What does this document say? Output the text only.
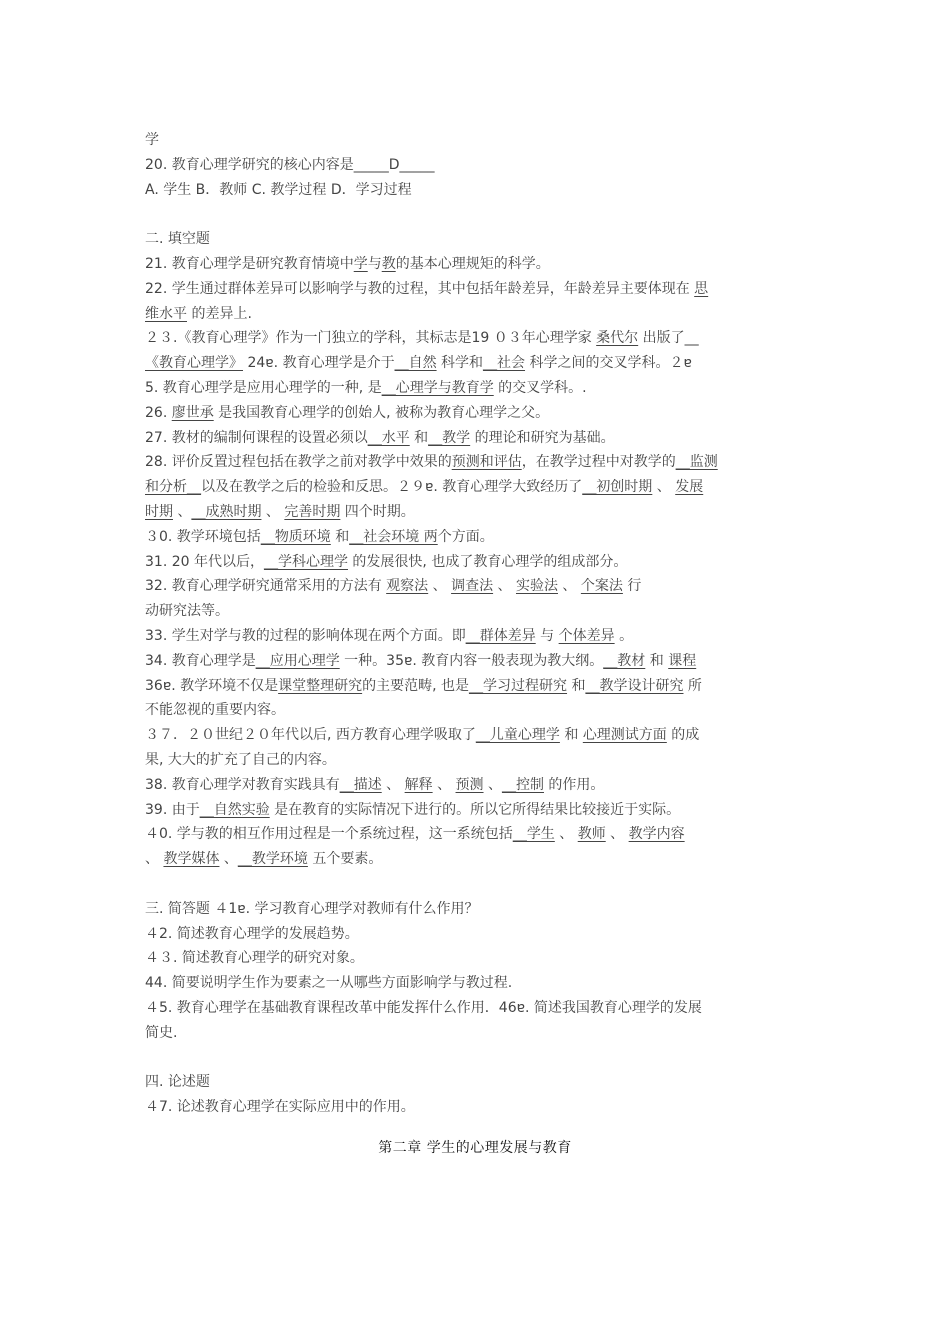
学
20. 教育心理学研究的核心内容是_____D_____
A. 学生 B．教师 C. 教学过程 D．学习过程
二. 填空题
21. 教育心理学是研究教育情境中学与教的基本心理规矩的科学。
22. 学生通过群体差异可以影响学与教的过程，其中包括年龄差异，年龄差异主要体现在 思
维水平 的差异上.
２３.《教育心理学》作为一门独立的学科，其标志是19 ０３年心理学家 桑代尔 出版了__
《教育心理学》 24ɐ. 教育心理学是介于__自然 科学和__社会 科学之间的交叉学科。２ɐ
5. 教育心理学是应用心理学的一种, 是__心理学与教育学 的交叉学科。.
26. 廖世承 是我国教育心理学的创始人, 被称为教育心理学之父。
27. 教材的编制何课程的设置必须以__水平 和__教学 的理论和研究为基础。
28. 评价反置过程包括在教学之前对教学中效果的预测和评估，在教学过程中对教学的__监测
和分析__以及在教学之后的检验和反思。２９ɐ. 教育心理学大致经历了__初创时期 、 发展
时期 、__成熟时期 、 完善时期 四个时期。
３0. 教学环境包括__物质环境 和__社会环境 两个方面。
31. 20 年代以后，__学科心理学 的发展很快, 也成了教育心理学的组成部分。
32. 教育心理学研究通常采用的方法有 观察法 、 调查法 、 实验法 、 个案法 行
动研究法等。
33. 学生对学与教的过程的影响体现在两个方面。即__群体差异 与 个体差异 。
34. 教育心理学是__应用心理学 一种。35ɐ. 教育内容一般表现为教大纲。__教材 和 课程
36ɐ. 教学环境不仅是课堂整理研究的主要范畴, 也是__学习过程研究 和__教学设计研究 所
不能忽视的重要内容。
３７．２０世纪２０年代以后, 西方教育心理学吸取了__儿童心理学 和 心理测试方面 的成
果, 大大的扩充了自己的内容。
38. 教育心理学对教育实践具有__描述 、 解释 、 预测 、__控制 的作用。
39. 由于__自然实验 是在教育的实际情况下进行的。所以它所得结果比较接近于实际。
４0. 学与教的相互作用过程是一个系统过程，这一系统包括__学生 、 教师 、 教学内容
、 教学媒体 、__教学环境 五个要素。
三. 简答题 ４1ɐ. 学习教育心理学对教师有什么作用？
４2. 简述教育心理学的发展趋势。
４３. 简述教育心理学的研究对象。
44. 简要说明学生作为要素之一从哪些方面影响学与教过程.
４5. 教育心理学在基础教育课程改革中能发挥什么作用．46ɐ. 简述我国教育心理学的发展
简史.
四. 论述题
４7. 论述教育心理学在实际应用中的作用。
第二章 学生的心理发展与教育
